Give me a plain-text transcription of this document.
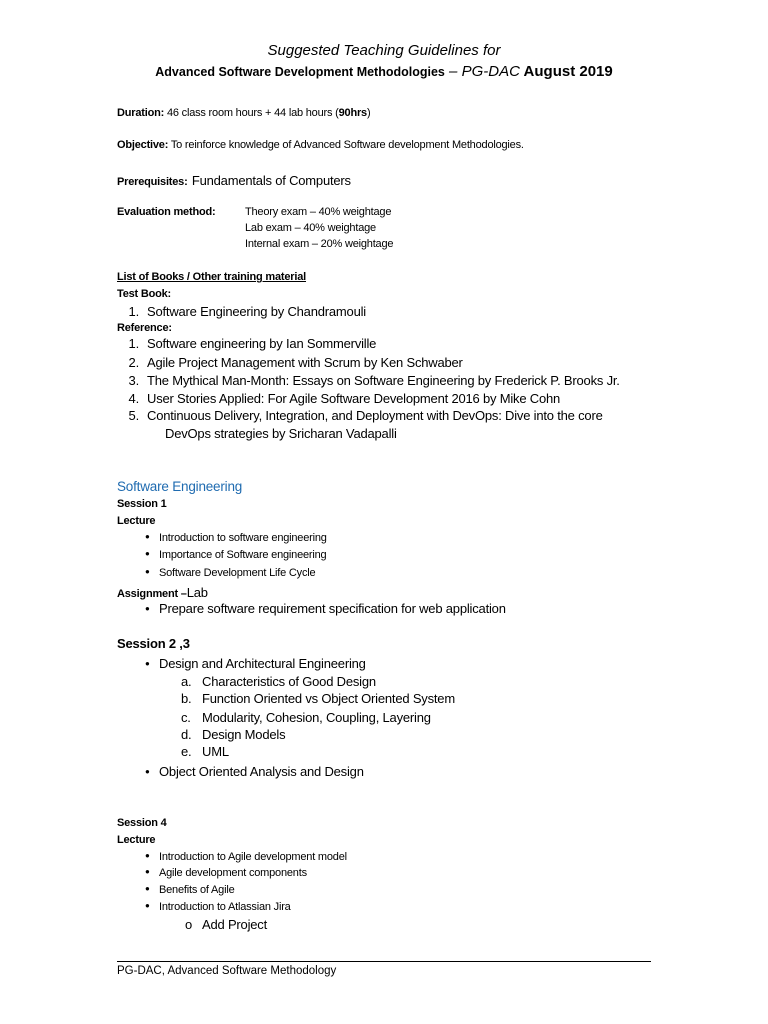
Suggested Teaching Guidelines for
Advanced Software Development Methodologies – PG-DAC August 2019
Duration: 46 class room hours + 44 lab hours (90hrs)
Objective: To reinforce knowledge of Advanced Software development Methodologies.
Prerequisites: Fundamentals of Computers
Evaluation method:	Theory exam – 40% weightage
Lab exam – 40% weightage
Internal exam – 20% weightage
List of Books / Other training material
Test Book:
1. Software Engineering by Chandramouli
Reference:
1. Software engineering by Ian Sommerville
2. Agile Project Management with Scrum by Ken Schwaber
3. The Mythical Man-Month: Essays on Software Engineering by Frederick P. Brooks Jr.
4. User Stories Applied: For Agile Software Development 2016 by Mike Cohn
5. Continuous Delivery, Integration, and Deployment with DevOps: Dive into the core
DevOps strategies by Sricharan Vadapalli
Software Engineering
Session 1
Lecture
● Introduction to software engineering
● Importance of Software engineering
● Software Development Life Cycle
Assignment –Lab
● Prepare software requirement specification for web application
Session 2 ,3
● Design and Architectural Engineering
a. Characteristics of Good Design
b. Function Oriented vs Object Oriented System
c. Modularity, Cohesion, Coupling, Layering
d. Design Models
e. UML
● Object Oriented Analysis and Design
Session 4
Lecture
● Introduction to Agile development model
● Agile development components
● Benefits of Agile
● Introduction to Atlassian Jira
o Add Project
PG-DAC, Advanced Software Methodology
